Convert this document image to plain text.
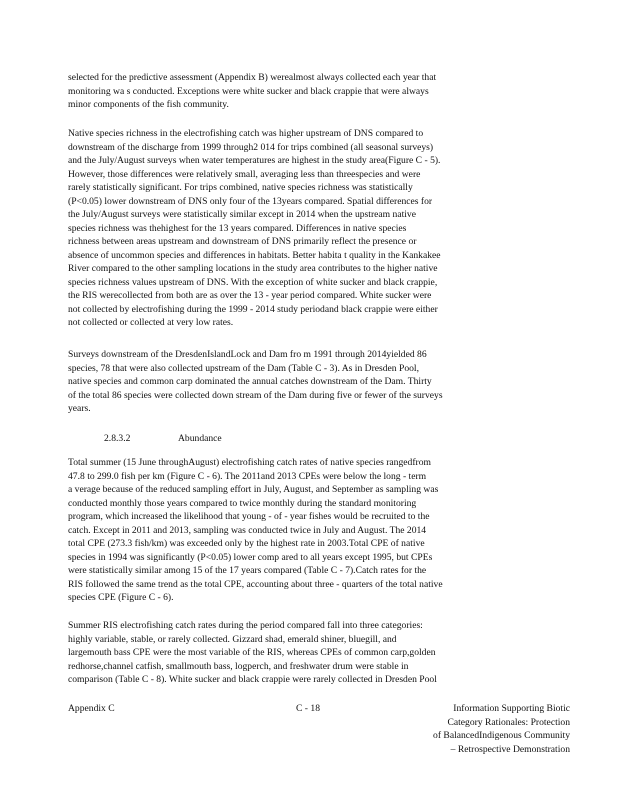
selected for the predictive assessment (Appendix B) werealmost always collected each year that
monitoring wa s conducted. Exceptions were white sucker and black crappie that were always
minor components of the fish community.
Native species richness in the electrofishing catch was higher upstream of DNS compared to
downstream of the discharge from 1999 through2 014 for trips combined (all seasonal surveys)
and the July/August surveys when water temperatures are highest in the study area(Figure C - 5).
However, those differences were relatively small, averaging less than threespecies and were
rarely statistically significant. For trips combined, native species richness was statistically
(P<0.05) lower downstream of DNS only four of the 13years compared. Spatial differences for
the July/August surveys were statistically similar except in 2014 when the upstream native
species richness was thehighest for the 13 years compared. Differences in native species
richness between areas upstream and downstream of DNS primarily reflect the presence or
absence of uncommon species and differences in habitats. Better habita t quality in the Kankakee
River compared to the other sampling locations in the study area contributes to the higher native
species richness values upstream of DNS. With the exception of white sucker and black crappie,
the RIS werecollected from both are as over the 13 - year period compared. White sucker were
not collected by electrofishing during the 1999 - 2014 study periodand black crappie were either
not collected or collected at very low rates.
Surveys downstream of the DresdenIslandLock and Dam fro m 1991 through 2014yielded 86
species, 78 that were also collected upstream of the Dam (Table C - 3). As in Dresden Pool,
native species and common carp dominated the annual catches downstream of the Dam. Thirty
of the total 86 species were collected down stream of the Dam during five or fewer of the surveys
years.
2.8.3.2	Abundance
Total summer (15 June throughAugust) electrofishing catch rates of native species rangedfrom
47.8 to 299.0 fish per km (Figure C - 6). The 2011and 2013 CPEs were below the long - term
a verage because of the reduced sampling effort in July, August, and September as sampling was
conducted monthly those years compared to twice monthly during the standard monitoring
program, which increased the likelihood that young - of - year fishes would be recruited to the
catch. Except in 2011 and 2013, sampling was conducted twice in July and August. The 2014
total CPE (273.3 fish/km) was exceeded only by the highest rate in 2003.Total CPE of native
species in 1994 was significantly (P<0.05) lower comp ared to all years except 1995, but CPEs
were statistically similar among 15 of the 17 years compared (Table C - 7).Catch rates for the
RIS followed the same trend as the total CPE, accounting about three - quarters of the total native
species CPE (Figure C - 6).
Summer RIS electrofishing catch rates during the period compared fall into three categories:
highly variable, stable, or rarely collected. Gizzard shad, emerald shiner, bluegill, and
largemouth bass CPE were the most variable of the RIS, whereas CPEs of common carp,golden
redhorse,channel catfish, smallmouth bass, logperch, and freshwater drum were stable in
comparison (Table C - 8). White sucker and black crappie were rarely collected in Dresden Pool
Appendix C	C - 18	Information Supporting Biotic
Category Rationales: Protection
of BalancedIndigenous Community
– Retrospective Demonstration
